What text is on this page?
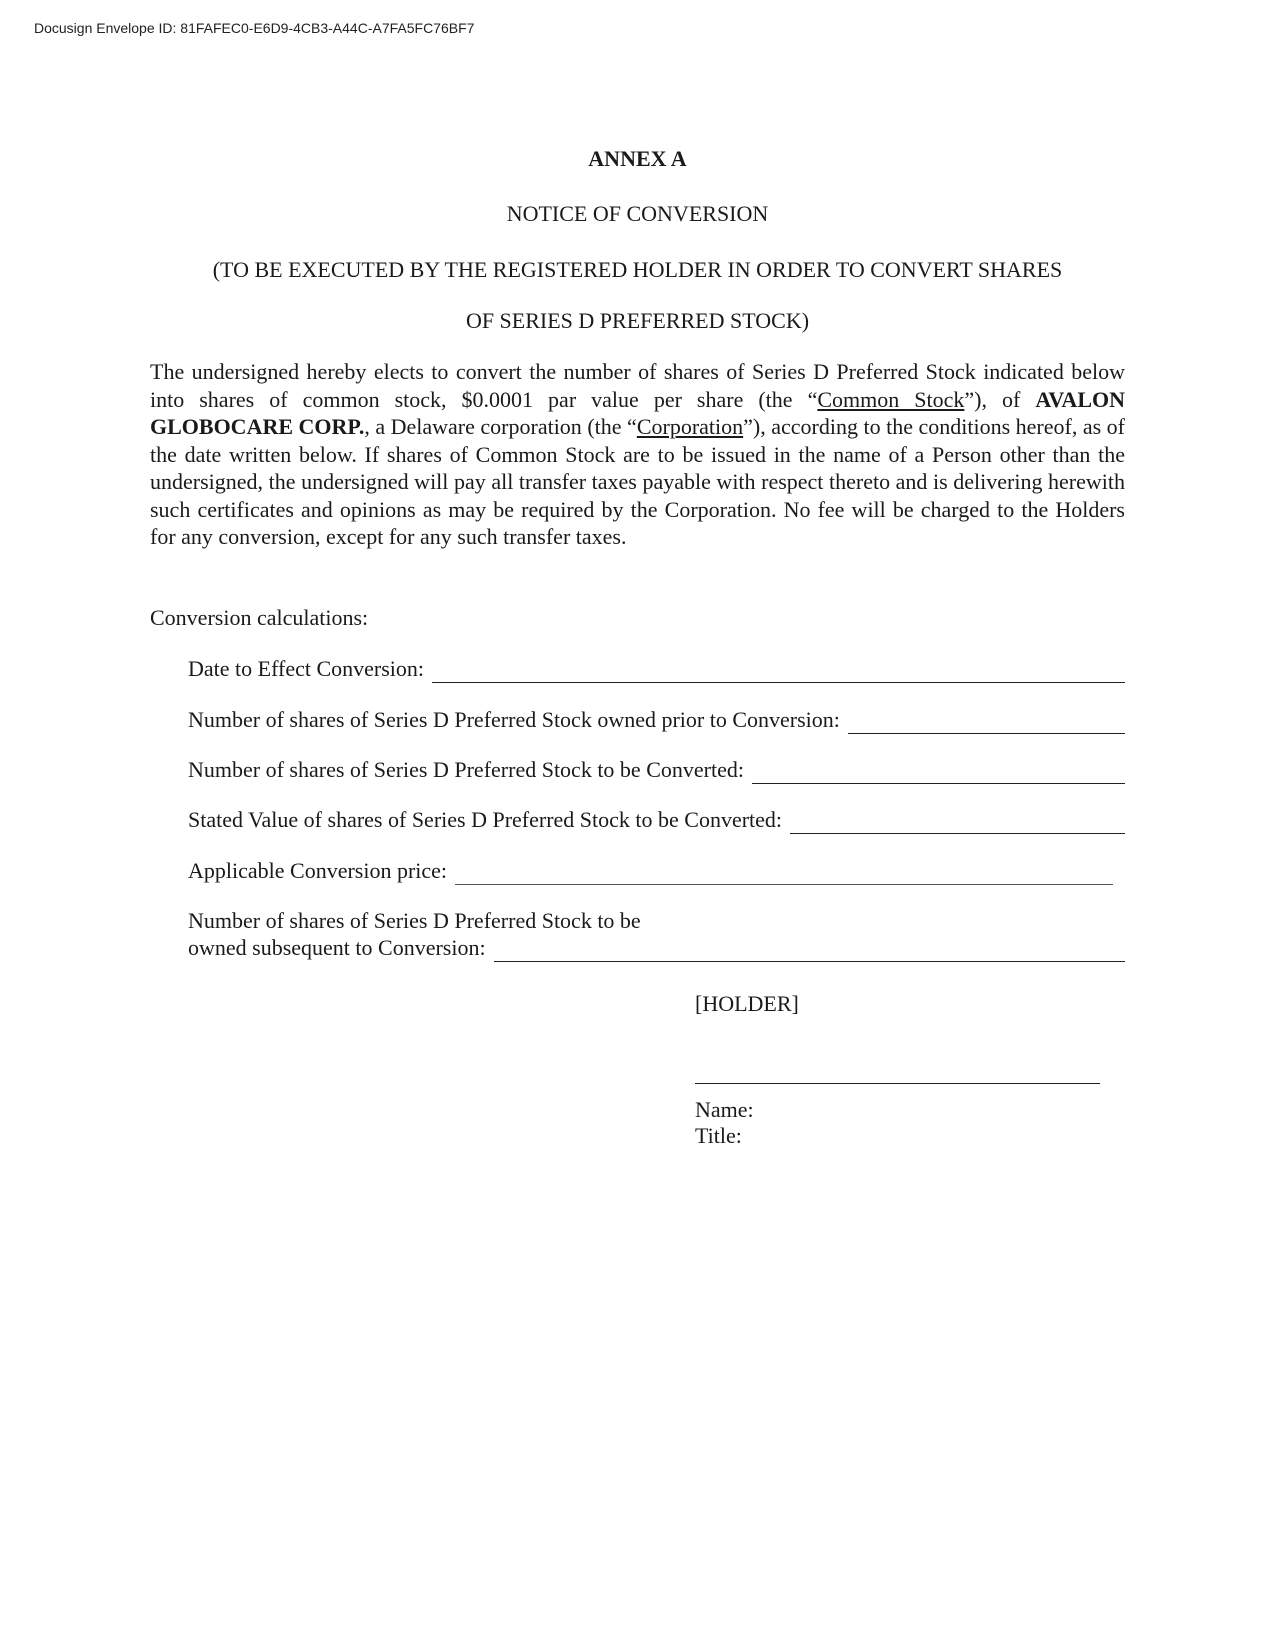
Docusign Envelope ID: 81FAFEC0-E6D9-4CB3-A44C-A7FA5FC76BF7
ANNEX A
NOTICE OF CONVERSION
(TO BE EXECUTED BY THE REGISTERED HOLDER IN ORDER TO CONVERT SHARES
OF SERIES D PREFERRED STOCK)
The undersigned hereby elects to convert the number of shares of Series D Preferred Stock indicated below into shares of common stock, $0.0001 par value per share (the “Common Stock”), of AVALON GLOBOCARE CORP., a Delaware corporation (the “Corporation”), according to the conditions hereof, as of the date written below. If shares of Common Stock are to be issued in the name of a Person other than the undersigned, the undersigned will pay all transfer taxes payable with respect thereto and is delivering herewith such certificates and opinions as may be required by the Corporation. No fee will be charged to the Holders for any conversion, except for any such transfer taxes.
Conversion calculations:
Date to Effect Conversion:
Number of shares of Series D Preferred Stock owned prior to Conversion:
Number of shares of Series D Preferred Stock to be Converted:
Stated Value of shares of Series D Preferred Stock to be Converted:
Applicable Conversion price:
Number of shares of Series D Preferred Stock to be
owned subsequent to Conversion:
[HOLDER]
Name:
Title:
